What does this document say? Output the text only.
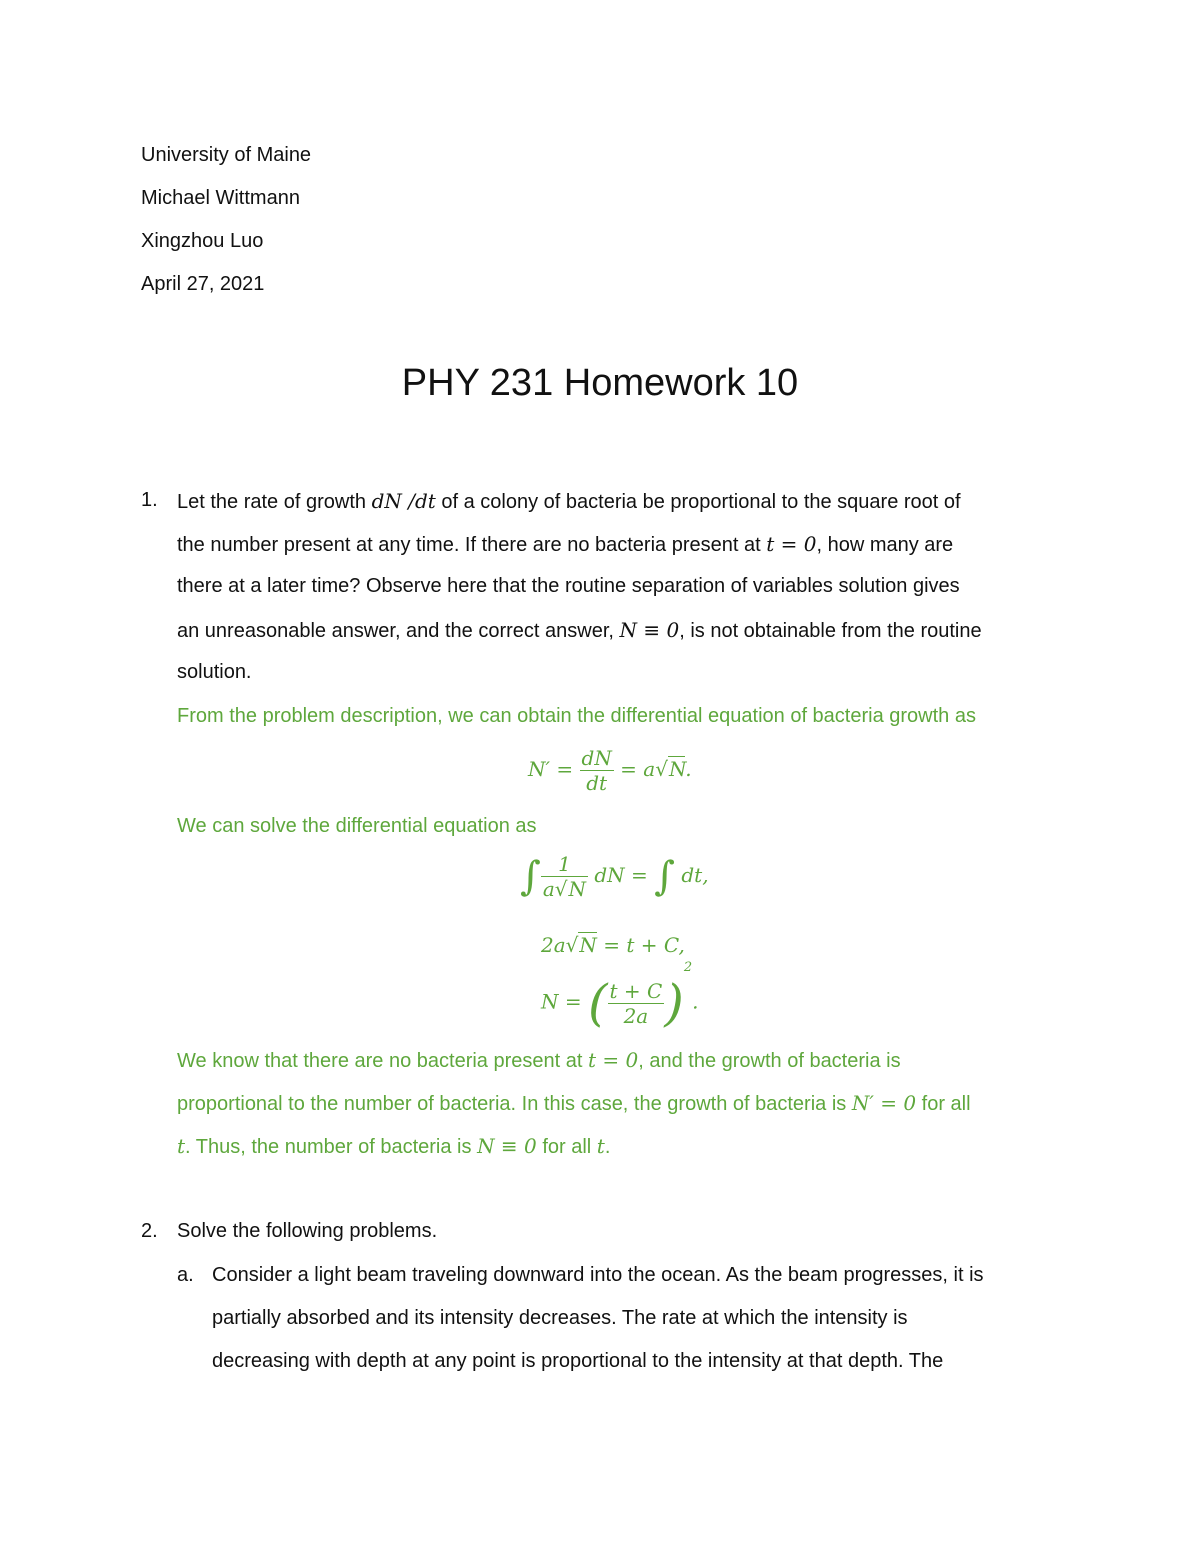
University of Maine
Michael Wittmann
Xingzhou Luo
April 27, 2021
PHY 231 Homework 10
1. Let the rate of growth dN /dt of a colony of bacteria be proportional to the square root of
the number present at any time. If there are no bacteria present at t = 0, how many are
there at a later time? Observe here that the routine separation of variables solution gives
an unreasonable answer, and the correct answer, N ≡ 0, is not obtainable from the routine
solution.
From the problem description, we can obtain the differential equation of bacteria growth as
$N' = \frac{dN}{dt} = a√N$.
We can solve the differential equation as
∫ $\frac{1}{a√N}$ dN = ∫ dt,
2a√N = t + C,
N = ( $\frac{t + C}{2a} )^2$.
We know that there are no bacteria present at t = 0, and the growth of bacteria is
proportional to the number of bacteria. In this case, the growth of bacteria is N′ = 0 for all
t. Thus, the number of bacteria is N ≡ 0 for all t.
2. Solve the following problems.
a. Consider a light beam traveling downward into the ocean. As the beam progresses, it is
partially absorbed and its intensity decreases. The rate at which the intensity is
decreasing with depth at any point is proportional to the intensity at that depth. The
